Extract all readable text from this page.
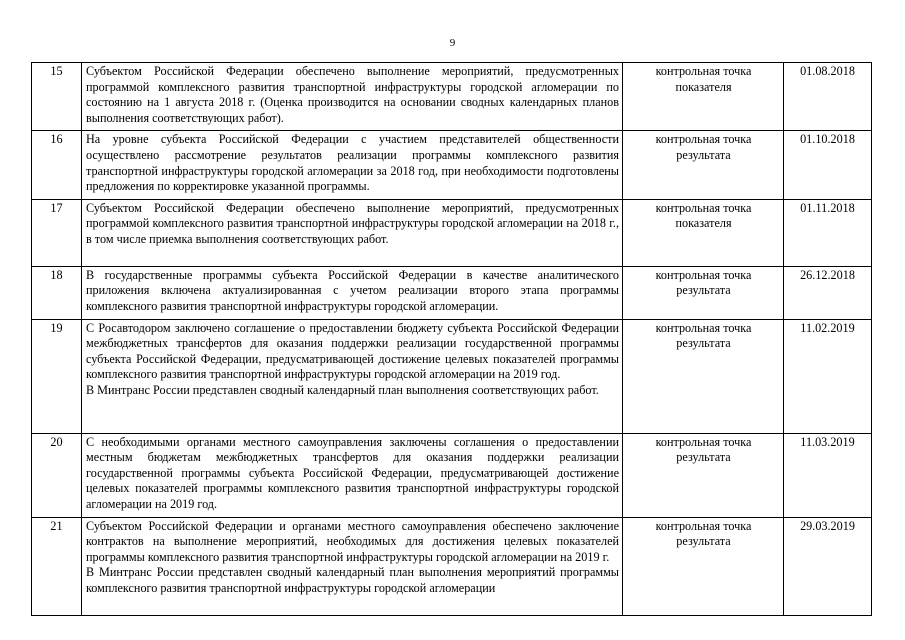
9
15	Субъектом Российской Федерации обеспечено выполнение мероприятий, предусмотренных программой комплексного развития транспортной инфраструктуры городской агломерации по состоянию на 1 августа 2018 г. (Оценка производится на основании сводных календарных планов выполнения соответствующих работ).	контрольная точка показателя	01.08.2018
16	На уровне субъекта Российской Федерации с участием представителей общественности осуществлено рассмотрение результатов реализации программы комплексного развития транспортной инфраструктуры городской агломерации за 2018 год, при необходимости подготовлены предложения по корректировке указанной программы.	контрольная точка результата	01.10.2018
17	Субъектом Российской Федерации обеспечено выполнение мероприятий, предусмотренных программой комплексного развития транспортной инфраструктуры городской агломерации на 2018 г., в том числе приемка выполнения соответствующих работ.	контрольная точка показателя	01.11.2018
18	В государственные программы субъекта Российской Федерации в качестве аналитического приложения включена актуализированная с учетом реализации второго этапа программы комплексного развития транспортной инфраструктуры городской агломерации.	контрольная точка результата	26.12.2018
19	С Росавтодором заключено соглашение о предоставлении бюджету субъекта Российской Федерации межбюджетных трансфертов для оказания поддержки реализации государственной программы субъекта Российской Федерации, предусматривающей достижение целевых показателей программы комплексного развития транспортной инфраструктуры городской агломерации на 2019 год.
В Минтранс России представлен сводный календарный план выполнения соответствующих работ.	контрольная точка результата	11.02.2019
20	С необходимыми органами местного самоуправления заключены соглашения о предоставлении местным бюджетам межбюджетных трансфертов для оказания поддержки реализации государственной программы субъекта Российской Федерации, предусматривающей достижение целевых показателей программы комплексного развития транспортной инфраструктуры городской агломерации на 2019 год.	контрольная точка результата	11.03.2019
21	Субъектом Российской Федерации и органами местного самоуправления обеспечено заключение контрактов на выполнение мероприятий, необходимых для достижения целевых показателей программы комплексного развития транспортной инфраструктуры городской агломерации на 2019 г.
В Минтранс России представлен сводный календарный план выполнения мероприятий программы комплексного развития транспортной инфраструктуры городской агломерации	контрольная точка результата	29.03.2019
